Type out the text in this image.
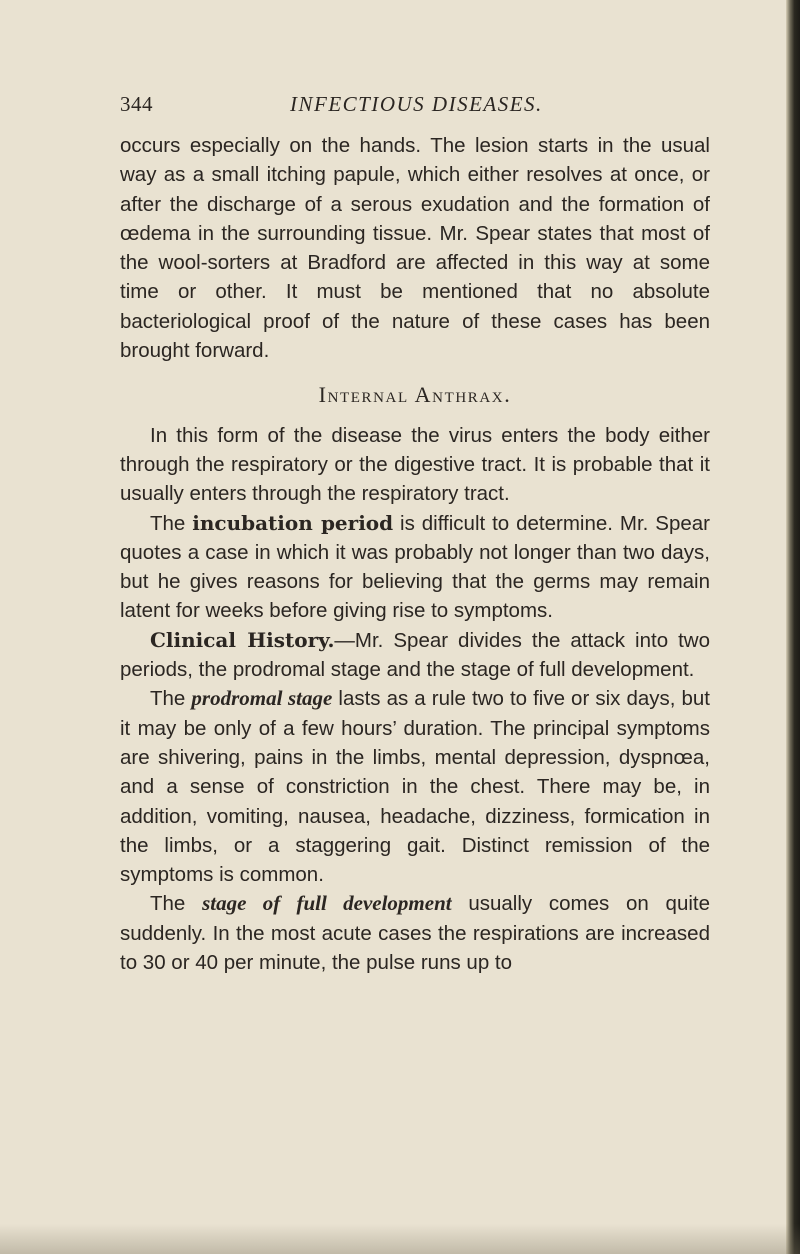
344	INFECTIOUS DISEASES.

occurs especially on the hands. The lesion starts in the usual way as a small itching papule, which either resolves at once, or after the discharge of a serous exudation and the formation of œdema in the surrounding tissue. Mr. Spear states that most of the wool-sorters at Bradford are affected in this way at some time or other. It must be mentioned that no absolute bacteriological proof of the nature of these cases has been brought forward.

Internal Anthrax.

In this form of the disease the virus enters the body either through the respiratory or the digestive tract. It is probable that it usually enters through the respiratory tract.

The incubation period is difficult to determine. Mr. Spear quotes a case in which it was probably not longer than two days, but he gives reasons for believing that the germs may remain latent for weeks before giving rise to symptoms.

Clinical History.—Mr. Spear divides the attack into two periods, the prodromal stage and the stage of full development.

The prodromal stage lasts as a rule two to five or six days, but it may be only of a few hours’ duration. The principal symptoms are shivering, pains in the limbs, mental depression, dyspnœa, and a sense of constriction in the chest. There may be, in addition, vomiting, nausea, headache, dizziness, formication in the limbs, or a staggering gait. Distinct remission of the symptoms is common.

The stage of full development usually comes on quite suddenly. In the most acute cases the respirations are increased to 30 or 40 per minute, the pulse runs up to
